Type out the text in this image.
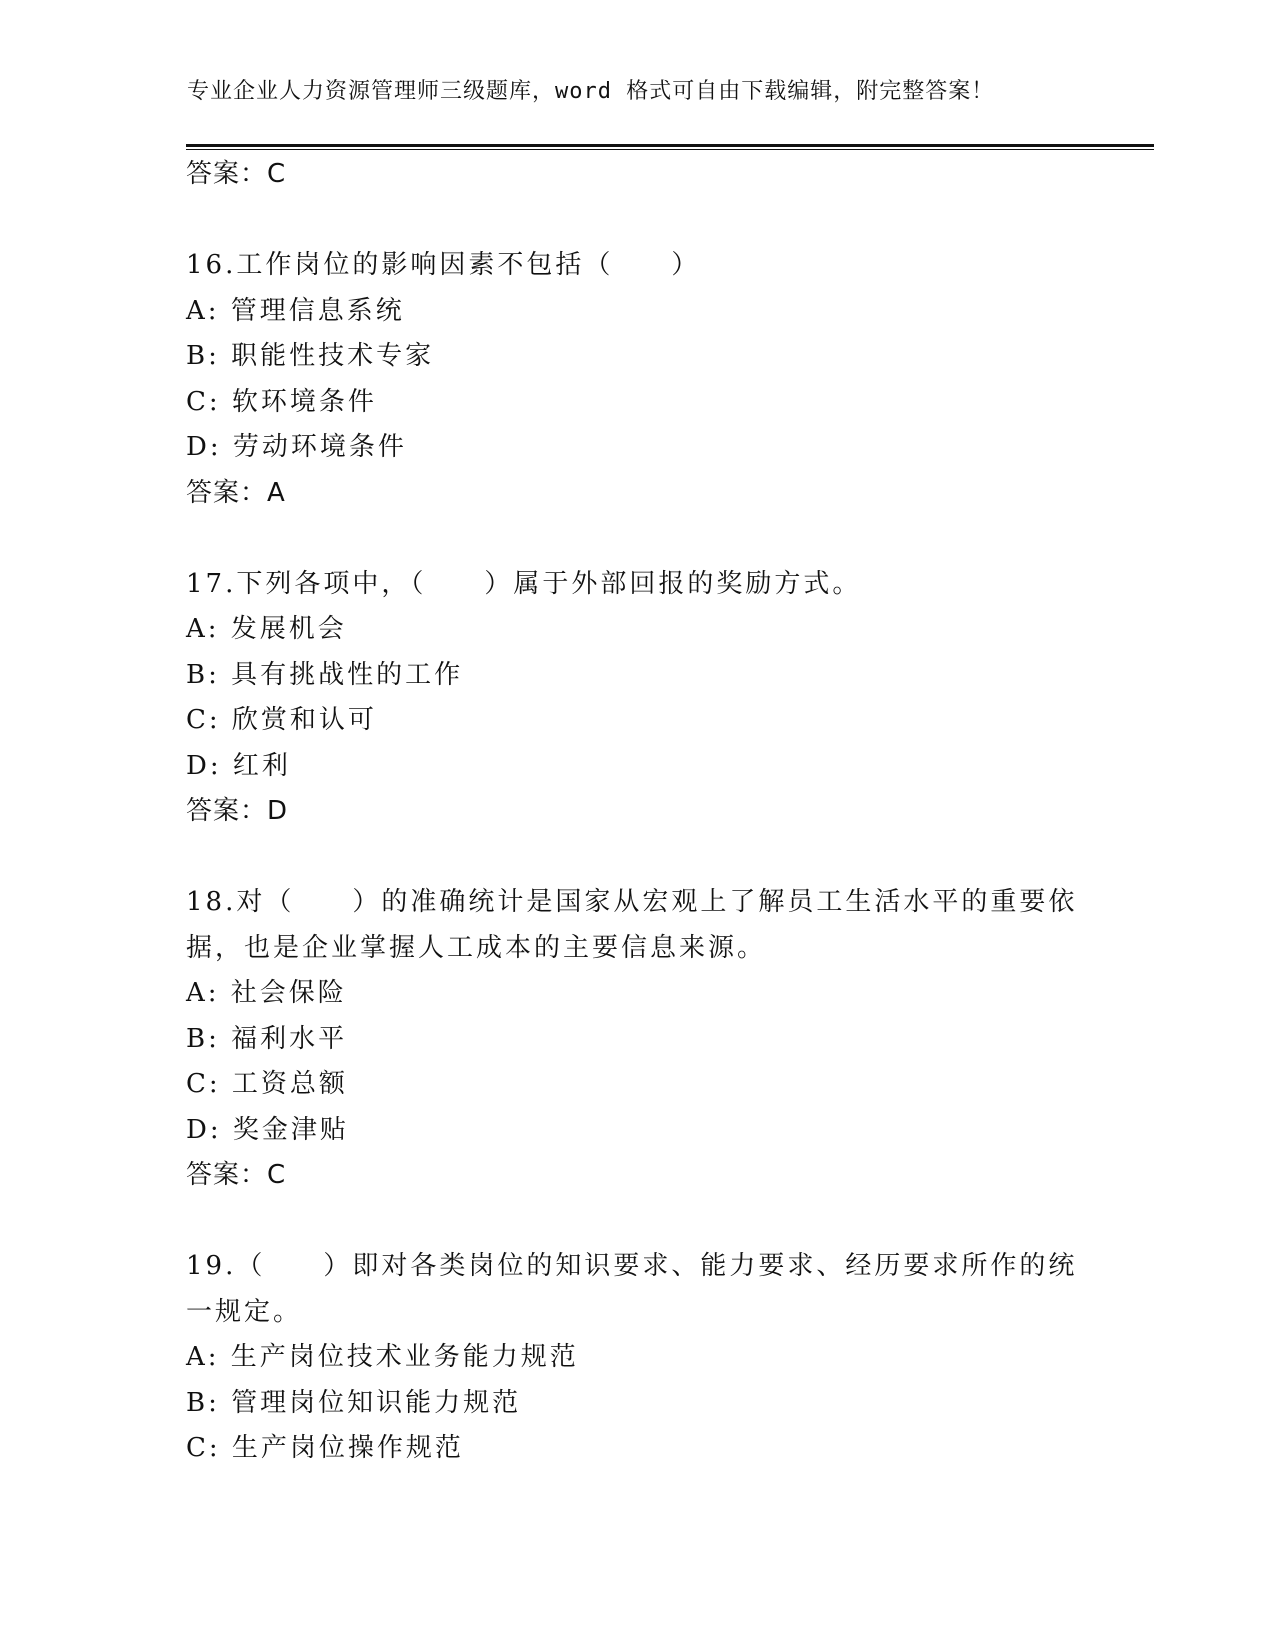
专业企业人力资源管理师三级题库，word 格式可自由下载编辑，附完整答案！
答案：C
16.工作岗位的影响因素不包括（　　）
A: 管理信息系统
B: 职能性技术专家
C: 软环境条件
D: 劳动环境条件
答案：A
17.下列各项中，（　　）属于外部回报的奖励方式。
A: 发展机会
B: 具有挑战性的工作
C: 欣赏和认可
D: 红利
答案：D
18.对（　　）的准确统计是国家从宏观上了解员工生活水平的重要依
据，也是企业掌握人工成本的主要信息来源。
A: 社会保险
B: 福利水平
C: 工资总额
D: 奖金津贴
答案：C
19.（　　）即对各类岗位的知识要求、能力要求、经历要求所作的统
一规定。
A: 生产岗位技术业务能力规范
B: 管理岗位知识能力规范
C: 生产岗位操作规范
